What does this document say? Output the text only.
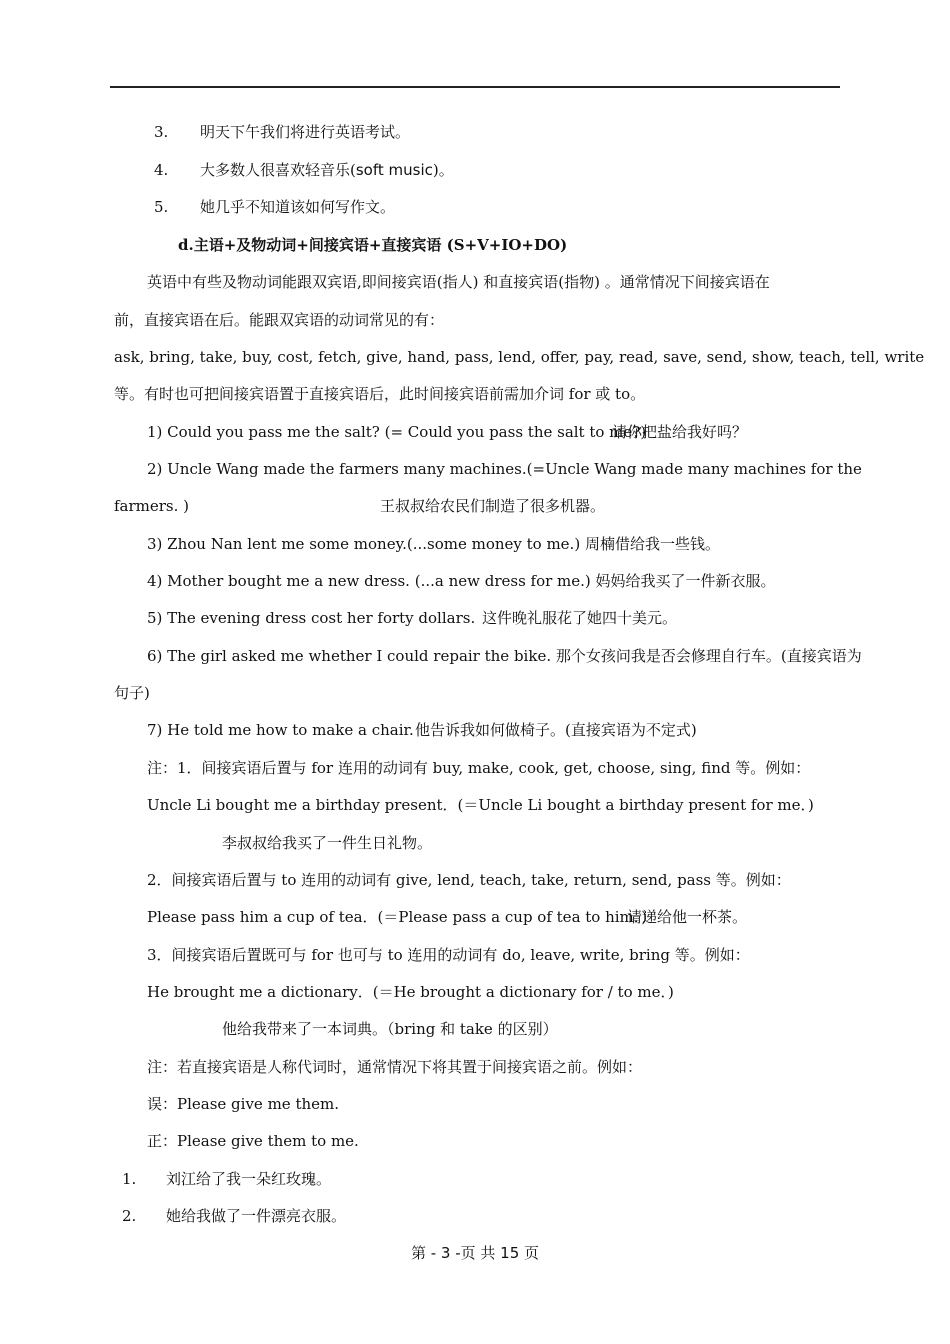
3. 明天下午我们将进行英语考试。
4. 大多数人很喜欢轻音乐(soft music)。
5. 她几乎不知道该如何写作文。
d.主语+及物动词+间接宾语+直接宾语 (S+V+IO+DO)
英语中有些及物动词能跟双宾语,即间接宾语(指人) 和直接宾语(指物) 。通常情况下间接宾语在
前，直接宾语在后。能跟双宾语的动词常见的有：
ask, bring, take, buy, cost, fetch, give, hand, pass, lend, offer, pay, read, save, send, show, teach, tell, write
等。有时也可把间接宾语置于直接宾语后，此时间接宾语前需加介词 for 或 to。
1) Could you pass me the salt? (= Could you pass the salt to me?)
请你把盐给我好吗？
2) Uncle Wang made the farmers many machines.(=Uncle Wang made many machines for the
farmers. )	王叔叔给农民们制造了很多机器。
3) Zhou Nan lent me some money.(...some money to me.) 周楠借给我一些钱。
4) Mother bought me a new dress. (...a new dress for me.) 妈妈给我买了一件新衣服。
5) The evening dress cost her forty dollars. 这件晚礼服花了她四十美元。
6) The girl asked me whether I could repair the bike. 那个女孩问我是否会修理自行车。(直接宾语为
句子)
7) He told me how to make a chair. 他告诉我如何做椅子。(直接宾语为不定式)
注：1．间接宾语后置与 for 连用的动词有 buy, make, cook, get, choose, sing, find 等。例如：
Uncle Li bought me a birthday present．(＝Uncle Li bought a birthday present for me．)
李叔叔给我买了一件生日礼物。
2．间接宾语后置与 to 连用的动词有 give, lend, teach, take, return, send, pass 等。例如：
Please pass him a cup of tea．(＝Please pass a cup of tea to him．)
请递给他一杯茶。
3．间接宾语后置既可与 for 也可与 to 连用的动词有 do, leave, write, bring 等。例如：
He brought me a dictionary．(＝He brought a dictionary for / to me．)
他给我带来了一本词典。（bring 和 take 的区别）
注：若直接宾语是人称代词时，通常情况下将其置于间接宾语之前。例如：
误：Please give me them.
正：Please give them to me.
1. 刘江给了我一朵红玫瑰。
2. 她给我做了一件漂亮衣服。
第 - 3 -页 共 15 页
